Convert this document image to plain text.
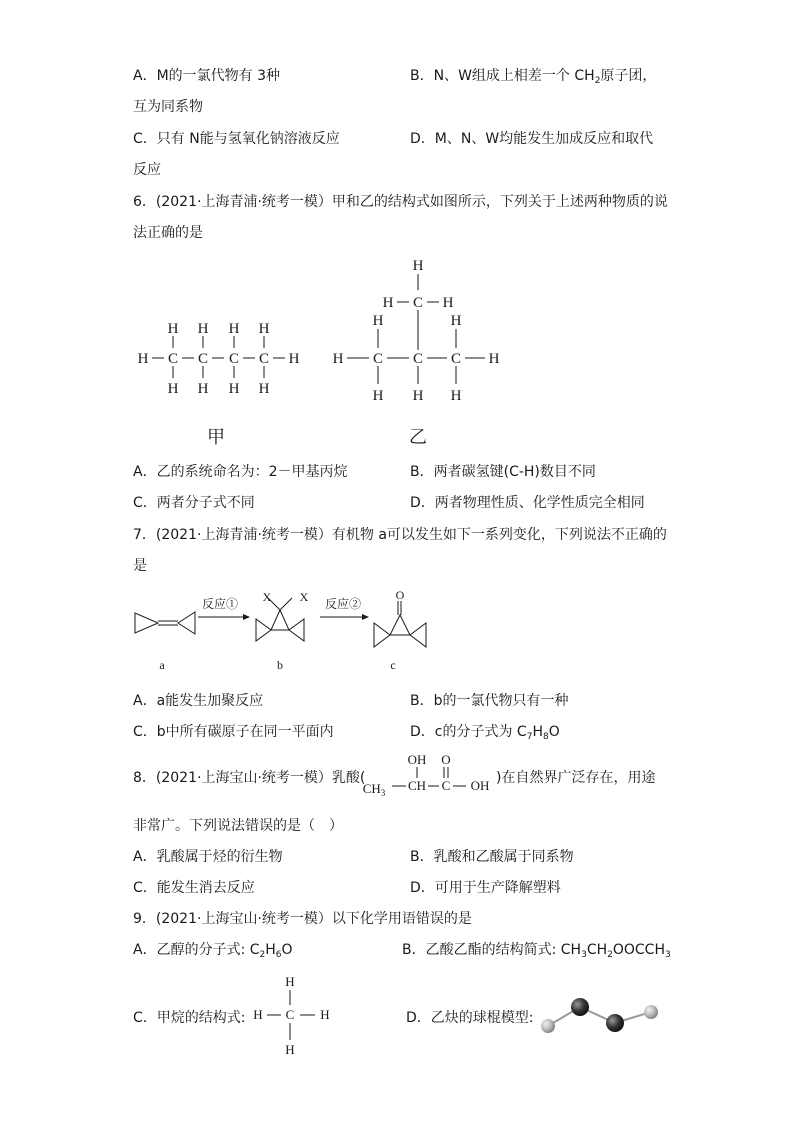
A．M的一氯代物有 3种	B．N、W组成上相差一个 $CH_2$原子团，
互为同系物
C．只有 N能与氢氧化钠溶液反应	D．M、N、W均能发生加成反应和取代
反应
6．(2021·上海青浦·统考一模）甲和乙的结构式如图所示，下列关于上述两种物质的说
法正确的是
H C C C C H
H H H H
H H H H
甲
H
H C H
H C C C H
H	H
H H H
乙
A．乙的系统命名为：2－甲基丙烷	B．两者碳氢键(C-H)数目不同
C．两者分子式不同	D．两者物理性质、化学性质完全相同
7．(2021·上海青浦·统考一模）有机物 a可以发生如下一系列变化，下列说法不正确的
是
a
反应① X X
b
反应②
O
c
A．a能发生加聚反应	B．b的一氯代物只有一种
C．b中所有碳原子在同一平面内	D．c的分子式为 $C_7H_8O$
8．(2021·上海宝山·统考一模）乳酸(
OH O
$CH_3$ CH C OH )在自然界广泛存在，用途
非常广。下列说法错误的是（　）
A．乳酸属于烃的衍生物	B．乳酸和乙酸属于同系物
C．能发生消去反应	D．可用于生产降解塑料
9．(2021·上海宝山·统考一模）以下化学用语错误的是
A．乙醇的分子式: $C_2H_6O$	B．乙酸乙酯的结构简式: $CH_3CH_2OOCCH_3$
C．甲烷的结构式:
H
H C H
H
D．乙炔的球棍模型:
